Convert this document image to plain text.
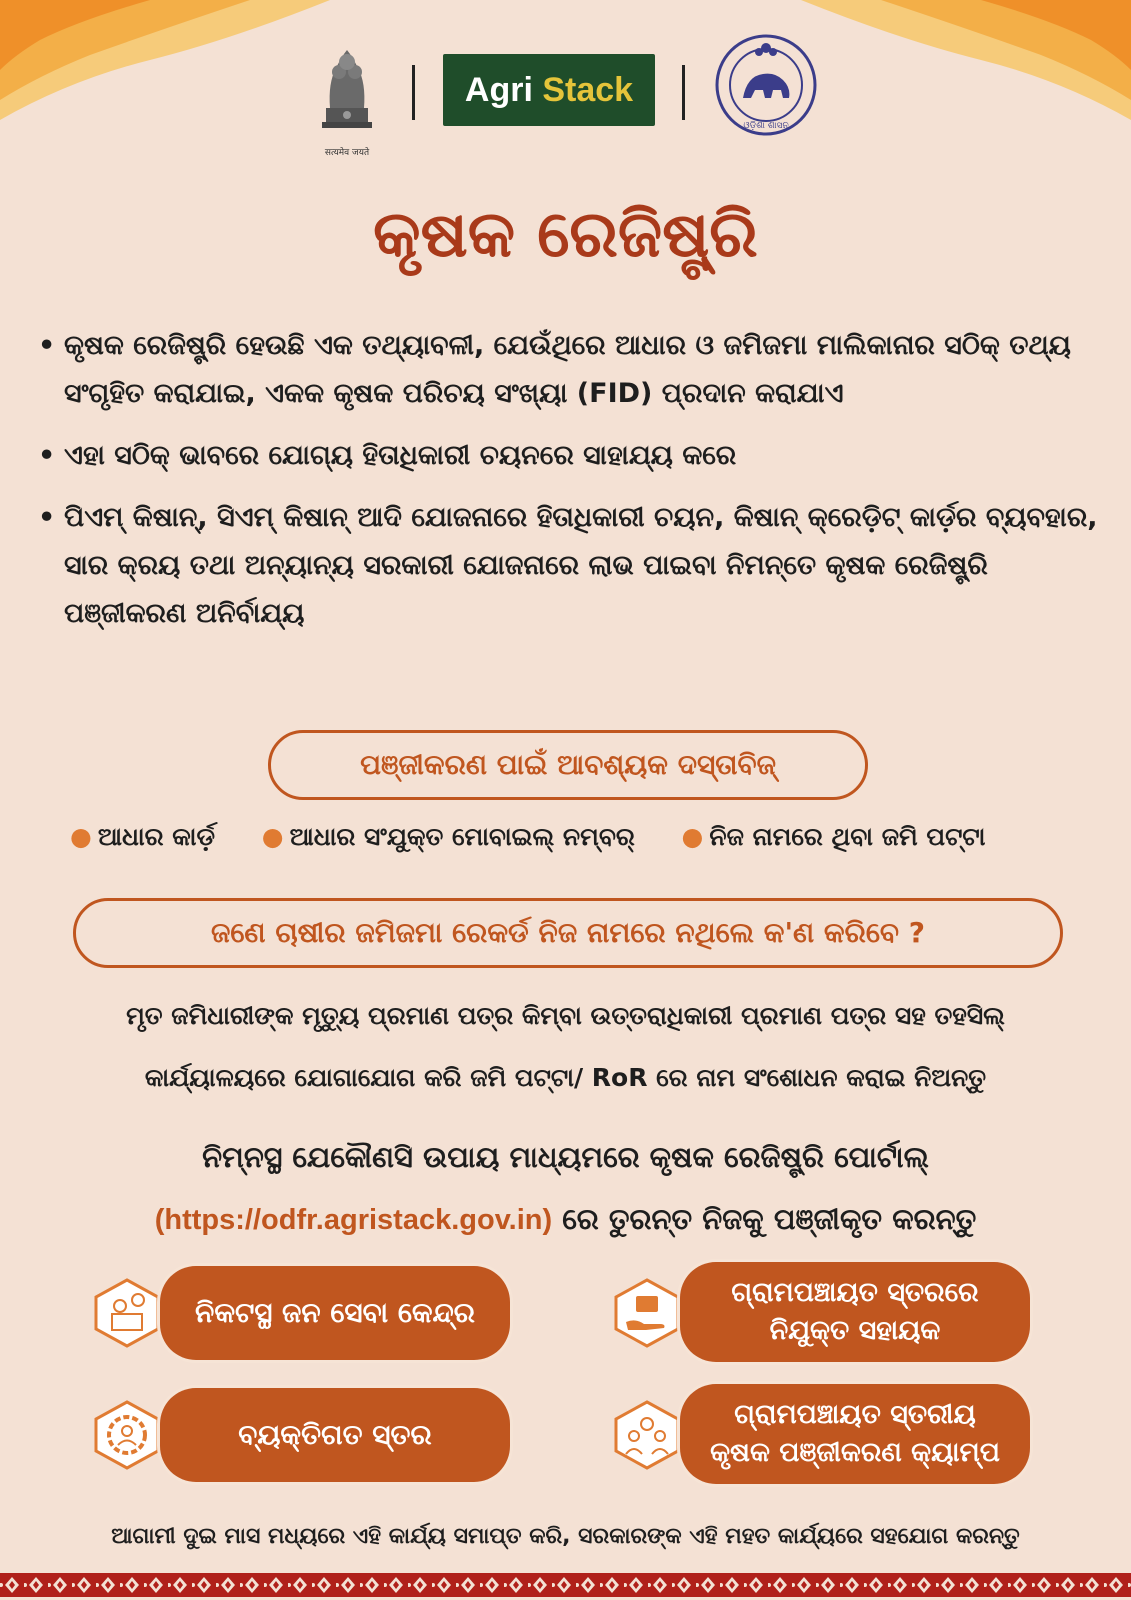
सत्यमेव जयते
Agri Stack
ଓଡ଼ିଶା ଶାସନ
କୃଷକ ରେଜିଷ୍ଟ୍ରି
• କୃଷକ ରେଜିଷ୍ଟ୍ରି ହେଉଛି ଏକ ତଥ୍ୟାବଳୀ, ଯେଉଁଥିରେ ଆଧାର ଓ ଜମିଜମା ମାଲିକାନାର ସଠିକ୍ ତଥ୍ୟ ସଂଗୃହିତ କରାଯାଇ, ଏକକ କୃଷକ ପରିଚୟ ସଂଖ୍ୟା (FID) ପ୍ରଦାନ କରାଯାଏ
• ଏହା ସଠିକ୍ ଭାବରେ ଯୋଗ୍ୟ ହିତାଧିକାରୀ ଚୟନରେ ସାହାଯ୍ୟ କରେ
• ପିଏମ୍ କିଷାନ୍, ସିଏମ୍ କିଷାନ୍ ଆଦି ଯୋଜନାରେ ହିତାଧିକାରୀ ଚୟନ, କିଷାନ୍ କ୍ରେଡ଼ିଟ୍ କାର୍ଡ଼ର ବ୍ୟବହାର, ସାର କ୍ରୟ ତଥା ଅନ୍ୟାନ୍ୟ ସରକାରୀ ଯୋଜନାରେ ଲାଭ ପାଇବା ନିମନ୍ତେ କୃଷକ ରେଜିଷ୍ଟ୍ରି ପଞ୍ଜୀକରଣ ଅନିର୍ବାଯ୍ୟ
ପଞ୍ଜୀକରଣ ପାଇଁ ଆବଶ୍ୟକ ଦସ୍ତାବିଜ୍
● ଆଧାର କାର୍ଡ଼ ● ଆଧାର ସଂଯୁକ୍ତ ମୋବାଇଲ୍ ନମ୍ବର୍ ● ନିଜ ନାମରେ ଥିବା ଜମି ପଟ୍ଟା
ଜଣେ ଚାଷୀର ଜମିଜମା ରେକର୍ଡ ନିଜ ନାମରେ ନଥିଲେ କ'ଣ କରିବେ ?
ମୃତ ଜମିଧାରୀଙ୍କ ମୃତ୍ୟୁ ପ୍ରମାଣ ପତ୍ର କିମ୍ବା ଉତ୍ତରାଧିକାରୀ ପ୍ରମାଣ ପତ୍ର ସହ ତହସିଲ୍
କାର୍ଯ୍ୟାଳୟରେ ଯୋଗାଯୋଗ କରି ଜମି ପଟ୍ଟା/ RoR ରେ ନାମ ସଂଶୋଧନ କରାଇ ନିଅନ୍ତୁ
ନିମ୍ନସ୍ଥ ଯେକୌଣସି ଉପାୟ ମାଧ୍ୟମରେ କୃଷକ ରେଜିଷ୍ଟ୍ରି ପୋର୍ଟାଲ୍
(https://odfr.agristack.gov.in) ରେ ତୁରନ୍ତ ନିଜକୁ ପଞ୍ଜୀକୃତ କରନ୍ତୁ
ନିକଟସ୍ଥ ଜନ ସେବା କେନ୍ଦ୍ର
ଗ୍ରାମପଞ୍ଚାୟତ ସ୍ତରରେ
ନିଯୁକ୍ତ ସହାୟକ
ବ୍ୟକ୍ତିଗତ ସ୍ତର
ଗ୍ରାମପଞ୍ଚାୟତ ସ୍ତରୀୟ
କୃଷକ ପଞ୍ଜୀକରଣ କ୍ୟାମ୍ପ
ଆଗାମୀ ଦୁଇ ମାସ ମଧ୍ୟରେ ଏହି କାର୍ଯ୍ୟ ସମାପ୍ତ କରି, ସରକାରଙ୍କ ଏହି ମହତ କାର୍ଯ୍ୟରେ ସହଯୋଗ କରନ୍ତୁ
